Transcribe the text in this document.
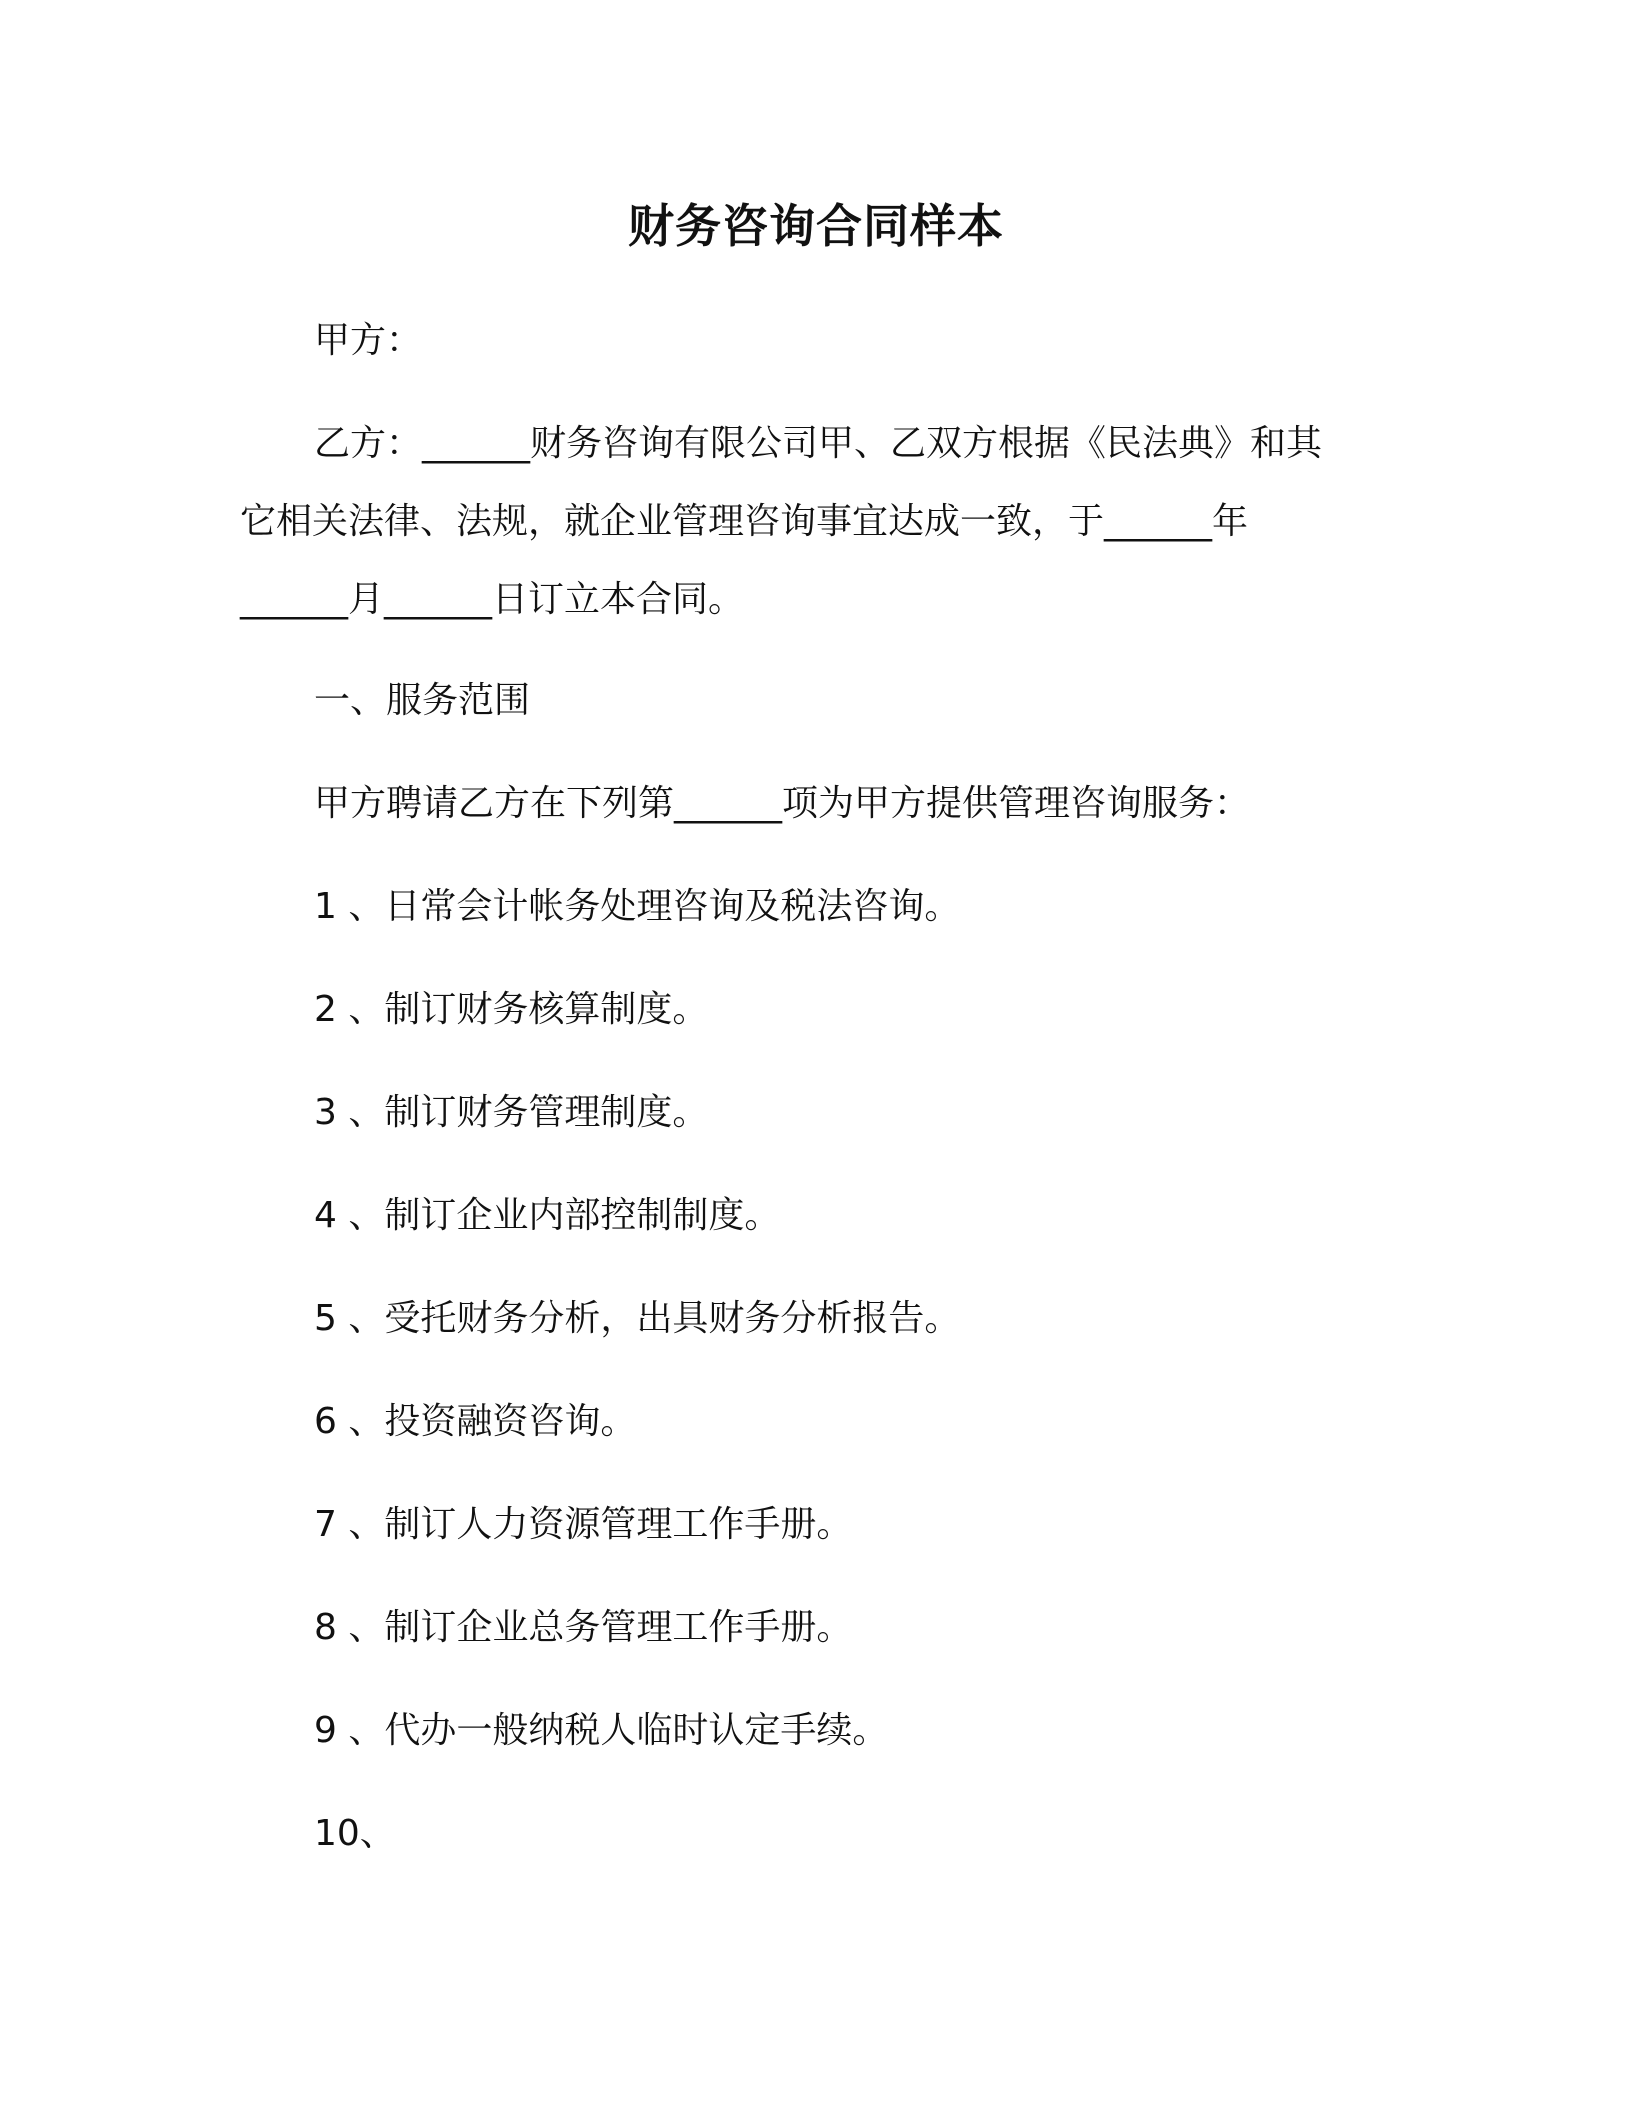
财务咨询合同样本
甲方：
乙方：______财务咨询有限公司甲、乙双方根据《民法典》和其
它相关法律、法规，就企业管理咨询事宜达成一致，于______年
______月______日订立本合同。
一、服务范围
甲方聘请乙方在下列第______项为甲方提供管理咨询服务：
1 、日常会计帐务处理咨询及税法咨询。
2 、制订财务核算制度。
3 、制订财务管理制度。
4 、制订企业内部控制制度。
5 、受托财务分析，出具财务分析报告。
6 、投资融资咨询。
7 、制订人力资源管理工作手册。
8 、制订企业总务管理工作手册。
9 、代办一般纳税人临时认定手续。
10、
